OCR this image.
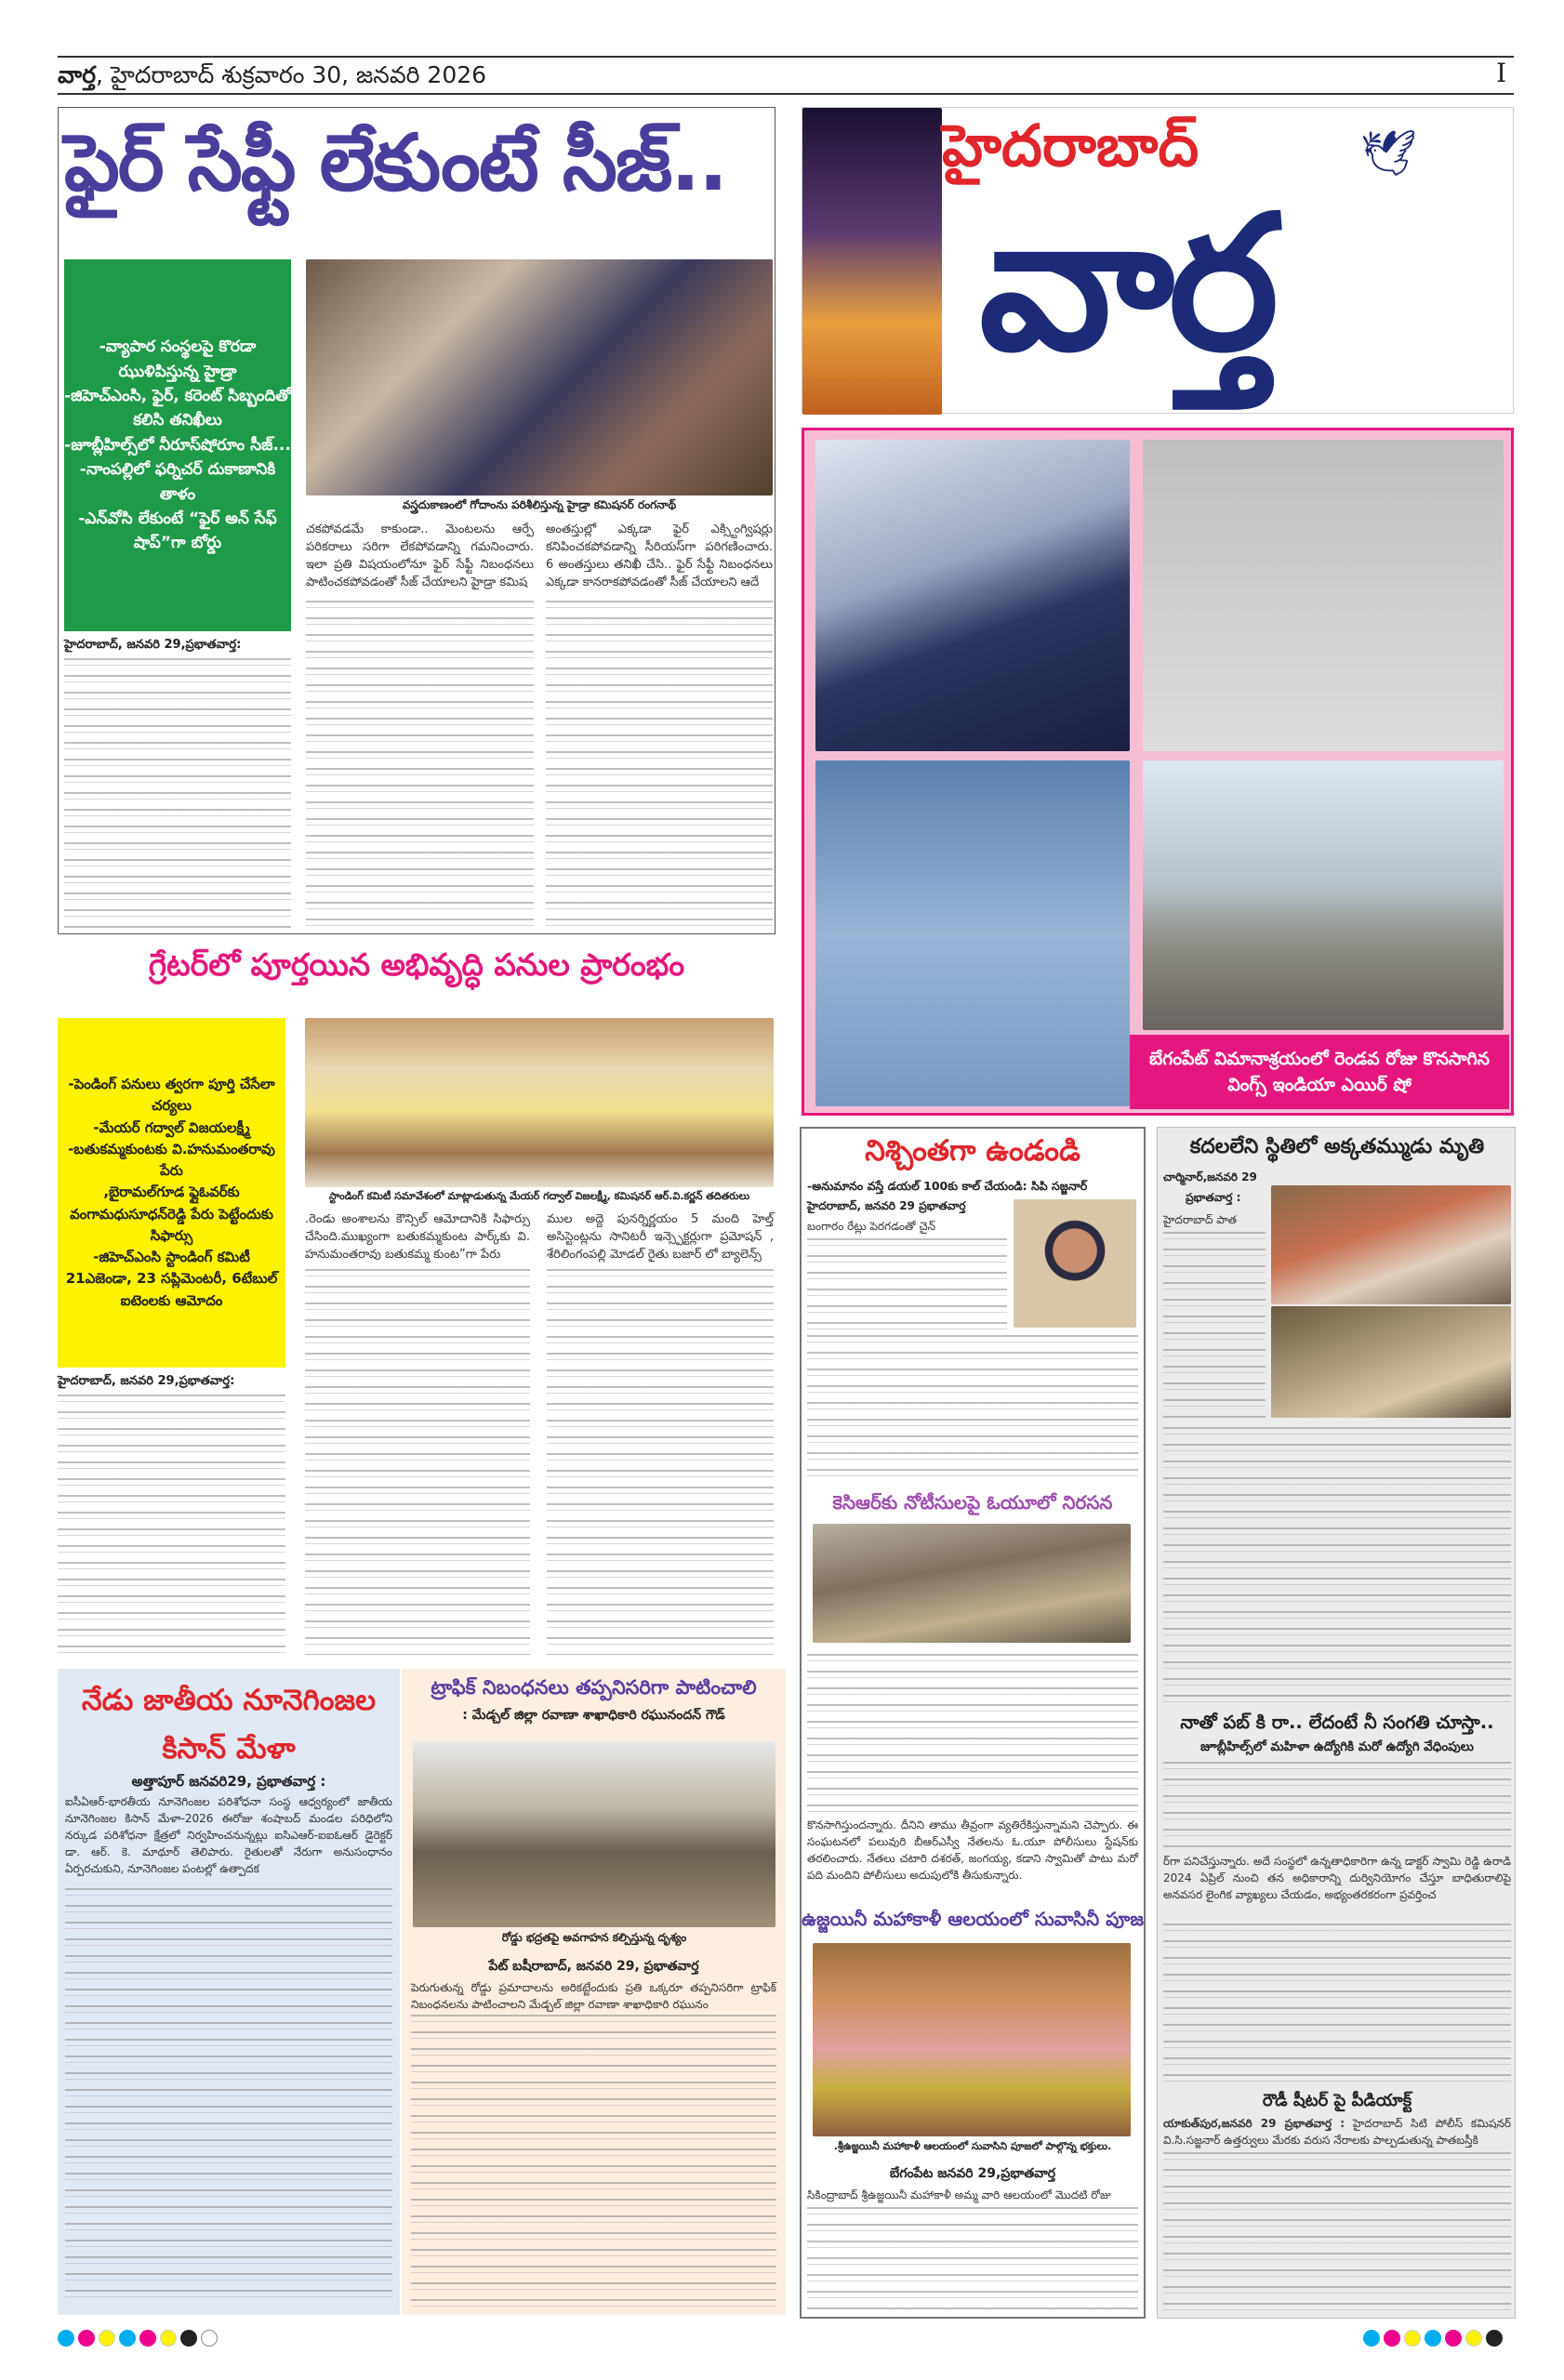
వార్త, హైదరాబాద్ శుక్రవారం 30, జనవరి 2026	I
ఫైర్ సేఫ్టీ లేకుంటే సీజ్..
-వ్యాపార సంస్థలపై కొరడా ఝుళిపిస్తున్న హైడ్రా
-జిహెచ్ఎంసి, ఫైర్, కరెంట్ సిబ్బందితో కలిసి తనిఖీలు
-జూబ్లీహిల్స్‌లో నీరూస్‌షోరూం సీజ్...
-నాంపల్లిలో ఫర్నిచర్ దుకాణానికి తాళం
-ఎన్‌వోసి లేకుంటే “ఫైర్ అన్ సేఫ్ షాప్”గా బోర్డు
వస్త్రదుకాణంలో గోదాంను పరిశీలిస్తున్న హైడ్రా కమిషనర్ రంగనాథ్
హైదరాబాద్, జనవరి 29,ప్రభాతవార్త:
చకపోవడమే కాకుండా.. మెంటలను ఆర్పే పరికరాలు సరిగా లేకపోవడాన్ని గమనించారు. ఇలా ప్రతి విషయంలోనూ ఫైర్ సేఫ్టీ నిబంధనలు పాటించకపోవడంతో సీజ్ చేయాలని హైడ్రా కమిష
అంతస్తుల్లో ఎక్కడా ఫైర్ ఎక్స్టింగ్విషర్లు కనిపించకపోవడాన్ని సీరియస్‌గా పరిగణించారు. 6 అంతస్తులు తనిఖీ చేసి.. ఫైర్ సేఫ్టీ నిబంధనలు ఎక్కడా కానరాకపోవడంతో సీజ్ చేయాలని ఆదే
హైదరాబాద్	🕊
వార్త
బేగంపేట్ విమానాశ్రయంలో రెండవ రోజు కొనసాగిన వింగ్స్ ఇండియా ఎయిర్ షో
గ్రేటర్‌లో పూర్తయిన అభివృద్ధి పనుల ప్రారంభం
-పెండింగ్ పనులు త్వరగా పూర్తి చేసేలా చర్యలు
-మేయర్ గద్వాల్ విజయలక్ష్మీ
-బతుకమ్మకుంటకు వి.హనుమంతరావు పేరు
,బైరామల్‌గూడ ఫ్లైఓవర్‌కు వంగామధుసూధన్‌రెడ్డి పేరు పెట్టేందుకు సిఫార్సు
-జిహెచ్ఎంసి స్టాండింగ్ కమిటీ 21ఎజెండా, 23 సప్లిమెంటరీ, 6టేబుల్ ఐటెంలకు ఆమోదం
స్టాండింగ్ కమిటీ సమావేశంలో మాట్లాడుతున్న మేయర్ గద్వాల్ విజలక్ష్మీ, కమిషనర్ ఆర్.వి.కర్ణన్ తదితరులు
హైదరాబాద్, జనవరి 29,ప్రభాతవార్త:
.రెండు అంశాలను కౌన్సిల్ ఆమోదానికి సిఫార్సు చేసింది.ముఖ్యంగా బతుకమ్మకుంట పార్క్‌కు వి. హనుమంతరావు బతుకమ్మ కుంట”గా పేరు
ముల అద్దె పునర్నిర్ణయం 5 మంది హెల్త్ అసిస్టెంట్లను సానిటరీ ఇన్స్పెక్టర్లుగా ప్రమోషన్ , శేరిలింగంపల్లి మోడల్ రైతు బజార్ లో బ్యాలెన్స్
నేడు జాతీయ నూనెగింజల కిసాన్ మేళా
అత్తాపూర్ జనవరి29, ప్రభాతవార్త :
ఐసీఏఆర్-భారతీయ నూనెగింజల పరిశోధనా సంస్థ ఆధ్వర్యంలో జాతీయ నూనెగింజల కిసాన్ మేళా-2026 ఈరోజు శంషాబద్ మండల పరిధిలోని నర్కుడ పరిశోధనా క్షేత్రలో నిర్వహించనున్నట్లు ఐసిఎఆర్-ఐఐఓఆర్ డైరెక్టర్ డా. ఆర్. కె. మాథూర్ తెలిపారు. రైతులతో నేరుగా అనుసంధానం ఏర్పరచుకుని, నూనెగింజల పంటల్లో ఉత్పాదక
ట్రాఫిక్ నిబంధనలు తప్పనిసరిగా పాటించాలి
: మేడ్చల్ జిల్లా రవాణా శాఖాధికారి రఘునందన్ గౌడ్
రోడ్డు భద్రతపై అవగాహన కల్పిస్తున్న దృశ్యం
పేట్ బషీరాబాద్, జనవరి 29, ప్రభాతవార్త
పెరుగుతున్న రోడ్డు ప్రమాదాలను అరికట్టేందుకు ప్రతి ఒక్కరూ తప్పనిసరిగా ట్రాఫిక్ నిబంధనలను పాటించాలని మేడ్చల్ జిల్లా రవాణా శాఖాధికారి రఘునం
నిశ్చింతగా ఉండండి
-అనుమానం వస్తే డయల్ 100కు కాల్ చేయండి: సిపి సజ్జనార్
హైదరాబాద్, జనవరి 29 ప్రభాతవార్త
బంగారం రేట్లు పెరగడంతో చైన్
కెసిఆర్‌కు నోటీసులపై ఓయూలో నిరసన
కొనసాగిస్తుందన్నారు. దీనిని తాము తీవ్రంగా వ్యతిరేకిస్తున్నామని చెప్పారు. ఈ సంఘటనలో పలువురి బీఆర్ఎస్వీ నేతలను ఓ.యూ పోలీసులు స్టేషన్‌కు తరలించారు. నేతలు చటారి దశరత్, జంగయ్య, కడాని స్వామితో పాటు మరో పది మందిని పోలీసులు అదుపులోకి తీసుకున్నారు.
ఉజ్జయినీ మహాకాళీ ఆలయంలో సువాసినీ పూజ
.శ్రీఉజ్జయినీ మహాకాళీ ఆలయంలో సువాసిని పూజలో పాల్గొన్న భక్తులు.
బేగంపేట జనవరి 29,ప్రభాతవార్త
సికింద్రాబాద్ శ్రీఉజ్జయినీ మహాకాళీ అమ్మ వారి ఆలయంలో మొదటి రోజు
కదలలేని స్థితిలో అక్కతమ్ముడు మృతి
చార్మినార్,జనవరి 29
ప్రభాతవార్త :
హైదరాబాద్ పాత
నాతో పబ్ కి రా.. లేదంటే నీ సంగతి చూస్తా..
జూబ్లీహిల్స్‌లో మహిళా ఉద్యోగికి మరో ఉద్యోగి వేధింపులు
ర్‌గా పనిచేస్తున్నారు. అదే సంస్థలో ఉన్నతాధికారిగా ఉన్న డాక్టర్ స్వామి రెడ్డి ఉరాడి 2024 ఏప్రిల్ నుంచి తన అధికారాన్ని దుర్వినియోగం చేస్తూ బాధితురాలిపై అనవసర లైంగిక వ్యాఖ్యలు చేయడం, అభ్యంతరకరంగా ప్రవర్తించ
రౌడీ షీటర్ పై పీడియాక్ట్
యాకుత్‌పుర,జనవరి 29 ప్రభాతవార్త : హైదరాబాద్ సిటి పోలీస్ కమిషనర్ వి.సి.సజ్జనార్ ఉత్తర్వులు మేరకు వరుస నేరాలకు పాల్పడుతున్న పాతబస్తీకి
